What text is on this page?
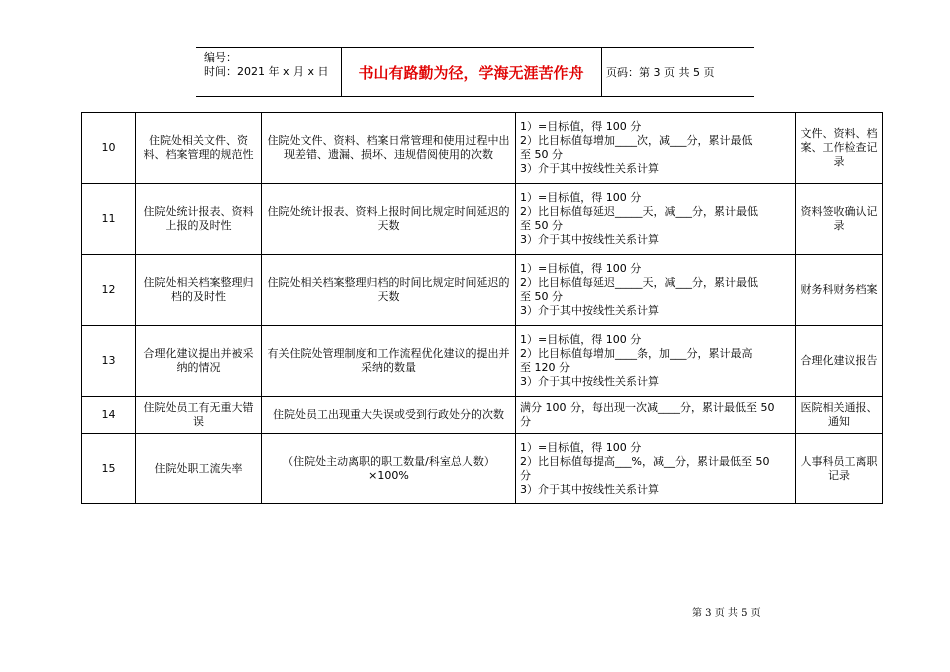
编号：
时间：2021 年 x 月 x 日	书山有路勤为径，学海无涯苦作舟	页码：第 3 页 共 5 页
10	住院处相关文件、资料、档案管理的规范性	住院处文件、资料、档案日常管理和使用过程中出现差错、遗漏、损坏、违规借阅使用的次数	1）=目标值，得 100 分
2）比目标值每增加____次，减___分，累计最低
至 50 分
3）介于其中按线性关系计算	文件、资料、档案、工作检查记录
11	住院处统计报表、资料上报的及时性	住院处统计报表、资料上报时间比规定时间延迟的天数	1）=目标值，得 100 分
2）比目标值每延迟_____天，减___分，累计最低
至 50 分
3）介于其中按线性关系计算	资料签收确认记录
12	住院处相关档案整理归档的及时性	住院处相关档案整理归档的时间比规定时间延迟的天数	1）=目标值，得 100 分
2）比目标值每延迟_____天，减___分，累计最低
至 50 分
3）介于其中按线性关系计算	财务科财务档案
13	合理化建议提出并被采纳的情况	有关住院处管理制度和工作流程优化建议的提出并采纳的数量	1）=目标值，得 100 分
2）比目标值每增加____条，加___分，累计最高
至 120 分
3）介于其中按线性关系计算	合理化建议报告
14	住院处员工有无重大错误	住院处员工出现重大失误或受到行政处分的次数	满分 100 分，每出现一次减____分，累计最低至 50
分	医院相关通报、通知
15	住院处职工流失率	（住院处主动离职的职工数量/科室总人数）×100%	1）=目标值，得 100 分
2）比目标值每提高___%，减__分，累计最低至 50
分
3）介于其中按线性关系计算	人事科员工离职记录
第 3 页 共 5 页
